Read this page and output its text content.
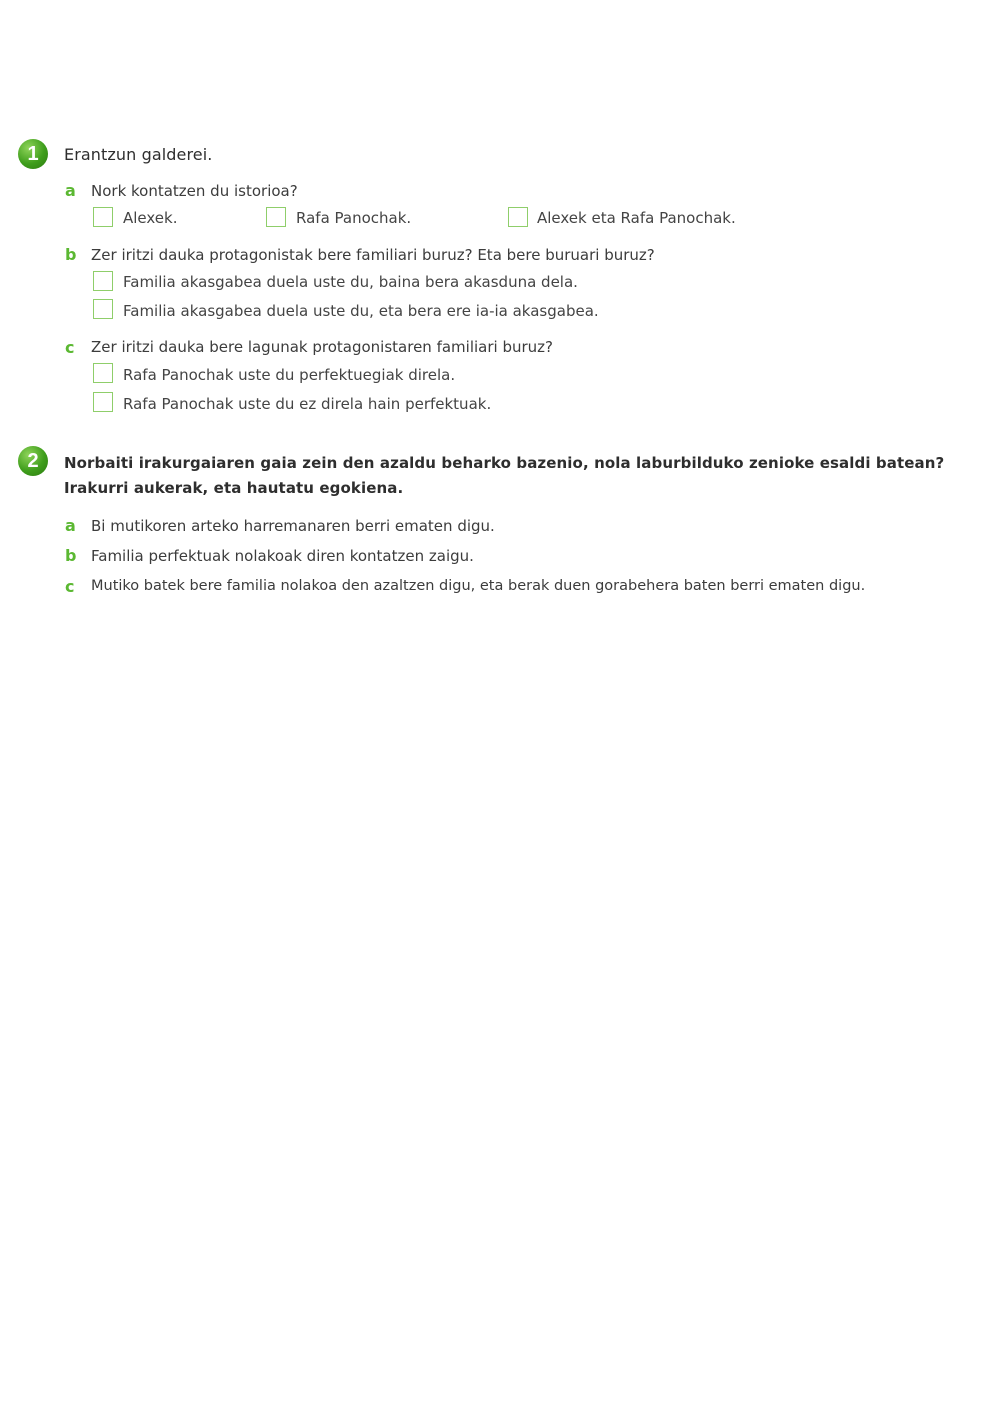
1	Erantzun galderei.
a Nork kontatzen du istorioa?
Alexek.	Rafa Panochak.	Alexek eta Rafa Panochak.
b Zer iritzi dauka protagonistak bere familiari buruz? Eta bere buruari buruz?
Familia akasgabea duela uste du, baina bera akasduna dela.
Familia akasgabea duela uste du, eta bera ere ia-ia akasgabea.
c Zer iritzi dauka bere lagunak protagonistaren familiari buruz?
Rafa Panochak uste du perfektuegiak direla.
Rafa Panochak uste du ez direla hain perfektuak.
2	Norbaiti irakurgaiaren gaia zein den azaldu beharko bazenio, nola laburbilduko zenioke esaldi batean?
Irakurri aukerak, eta hautatu egokiena.
a Bi mutikoren arteko harremanaren berri ematen digu.
b Familia perfektuak nolakoak diren kontatzen zaigu.
c Mutiko batek bere familia nolakoa den azaltzen digu, eta berak duen gorabehera baten berri ematen digu.
